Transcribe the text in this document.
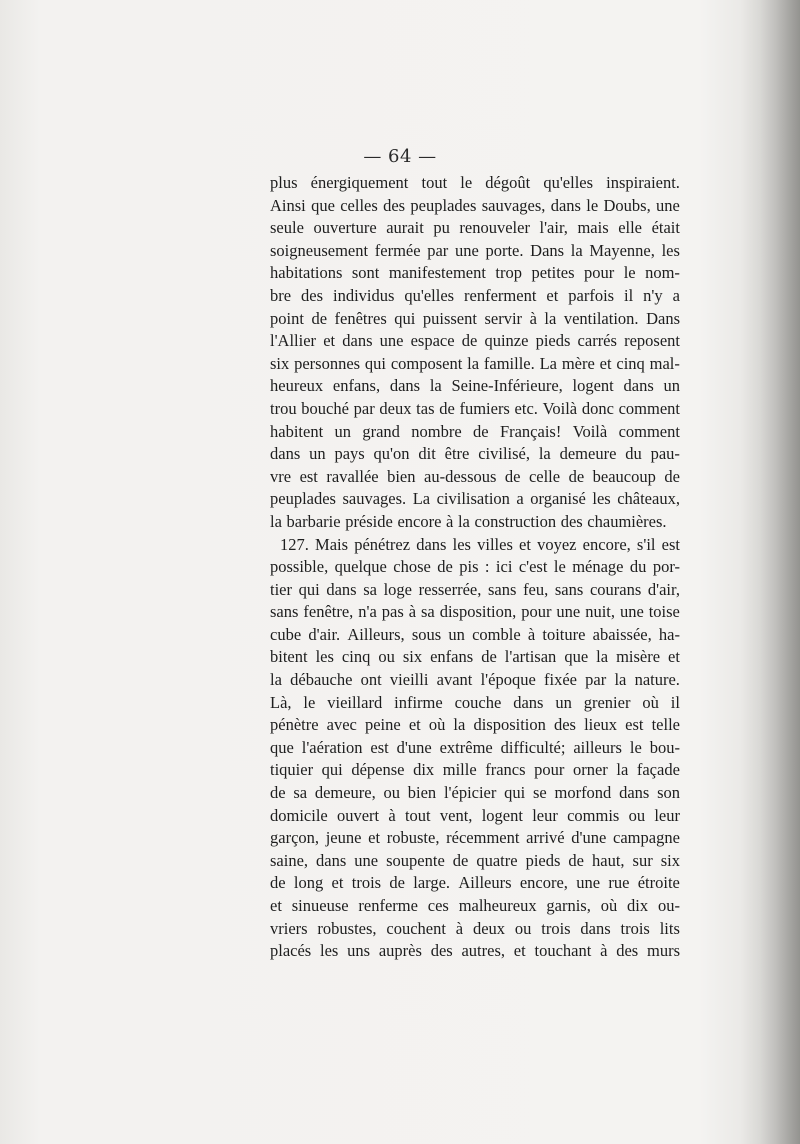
— 64 —
plus énergiquement tout le dégoût qu'elles inspiraient.
Ainsi que celles des peuplades sauvages, dans le Doubs, une
seule ouverture aurait pu renouveler l'air, mais elle était
soigneusement fermée par une porte. Dans la Mayenne, les
habitations sont manifestement trop petites pour le nom-
bre des individus qu'elles renferment et parfois il n'y a
point de fenêtres qui puissent servir à la ventilation. Dans
l'Allier et dans une espace de quinze pieds carrés reposent
six personnes qui composent la famille. La mère et cinq mal-
heureux enfans, dans la Seine-Inférieure, logent dans un
trou bouché par deux tas de fumiers etc. Voilà donc comment
habitent un grand nombre de Français! Voilà comment
dans un pays qu'on dit être civilisé, la demeure du pau-
vre est ravallée bien au-dessous de celle de beaucoup de
peuplades sauvages. La civilisation a organisé les châteaux,
la barbarie préside encore à la construction des chaumières.
127. Mais pénétrez dans les villes et voyez encore, s'il est
possible, quelque chose de pis : ici c'est le ménage du por-
tier qui dans sa loge resserrée, sans feu, sans courans d'air,
sans fenêtre, n'a pas à sa disposition, pour une nuit, une toise
cube d'air. Ailleurs, sous un comble à toiture abaissée, ha-
bitent les cinq ou six enfans de l'artisan que la misère et
la débauche ont vieilli avant l'époque fixée par la nature.
Là, le vieillard infirme couche dans un grenier où il
pénètre avec peine et où la disposition des lieux est telle
que l'aération est d'une extrême difficulté; ailleurs le bou-
tiquier qui dépense dix mille francs pour orner la façade
de sa demeure, ou bien l'épicier qui se morfond dans son
domicile ouvert à tout vent, logent leur commis ou leur
garçon, jeune et robuste, récemment arrivé d'une campagne
saine, dans une soupente de quatre pieds de haut, sur six
de long et trois de large. Ailleurs encore, une rue étroite
et sinueuse renferme ces malheureux garnis, où dix ou-
vriers robustes, couchent à deux ou trois dans trois lits
placés les uns auprès des autres, et touchant à des murs
